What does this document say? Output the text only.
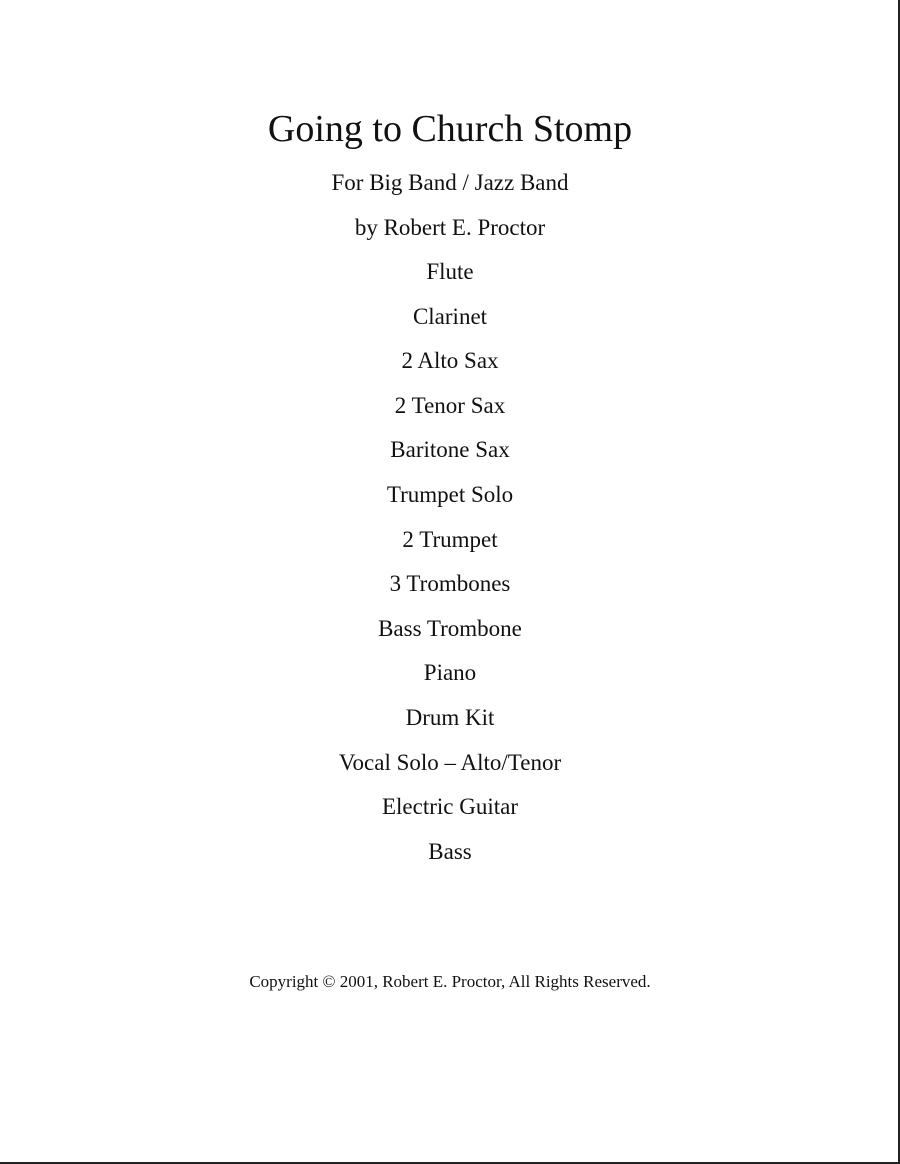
Going to Church Stomp
For Big Band / Jazz Band
by Robert E. Proctor
Flute
Clarinet
2 Alto Sax
2 Tenor Sax
Baritone Sax
Trumpet Solo
2 Trumpet
3 Trombones
Bass Trombone
Piano
Drum Kit
Vocal Solo – Alto/Tenor
Electric Guitar
Bass
Copyright © 2001, Robert E. Proctor, All Rights Reserved.
